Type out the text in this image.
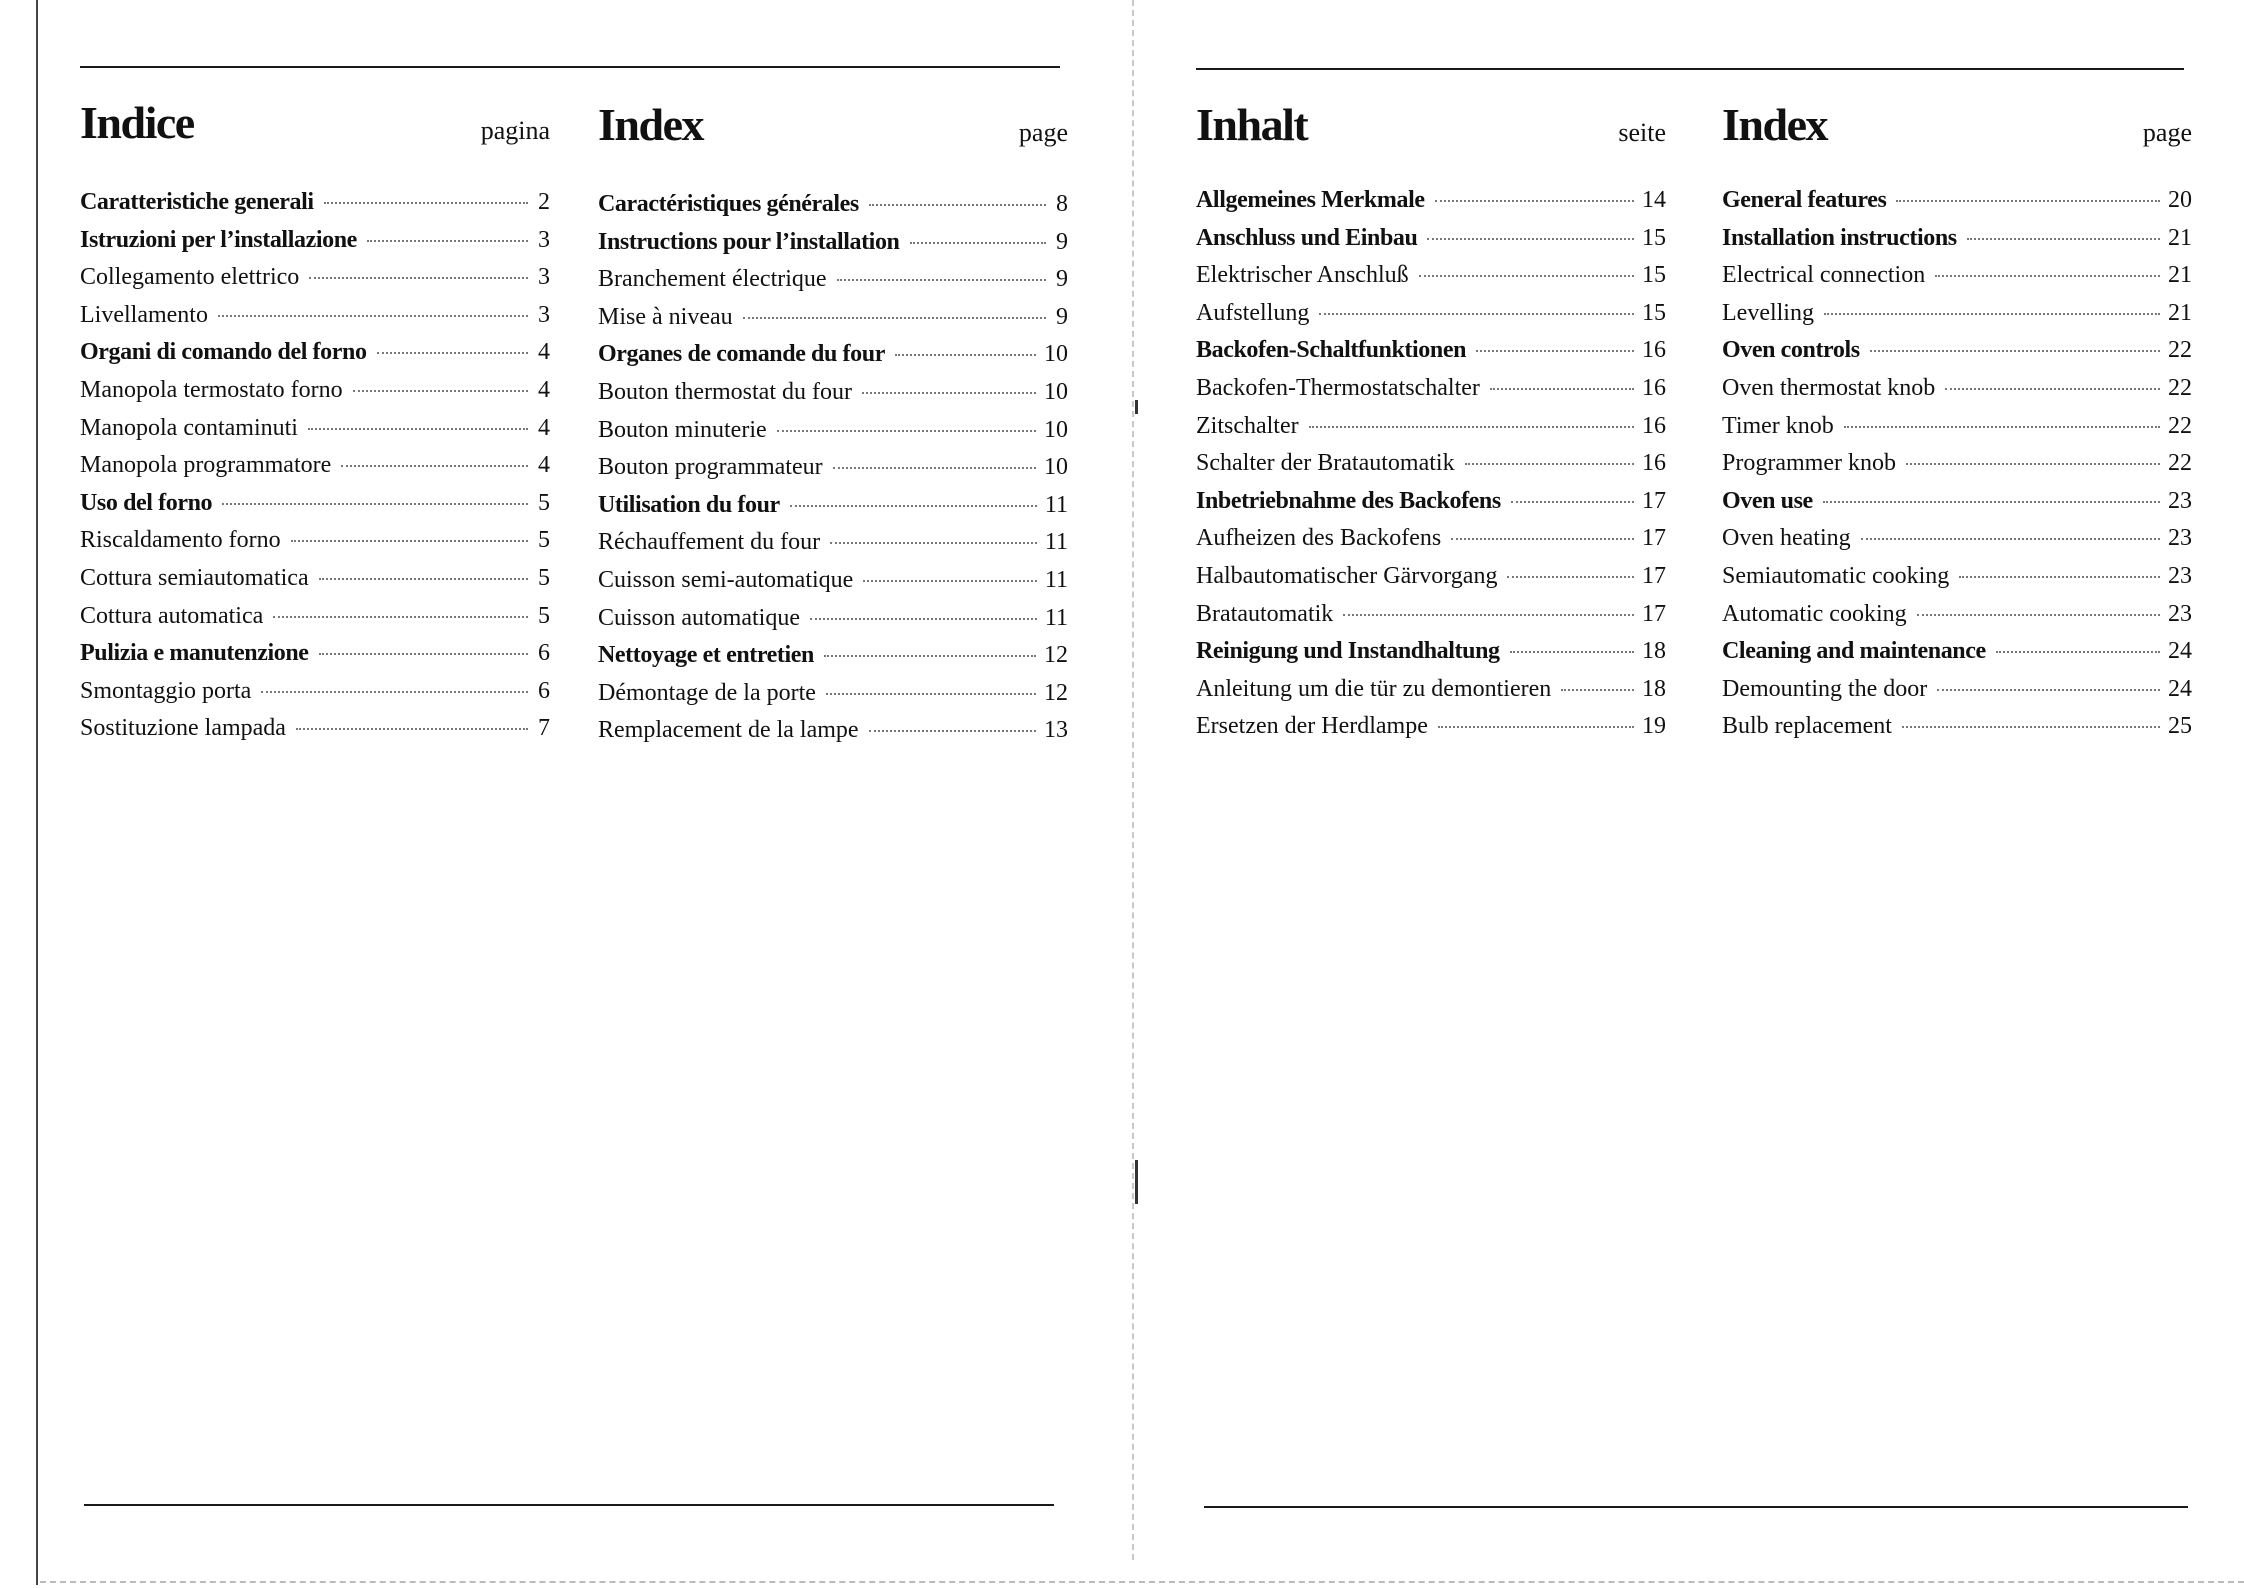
Indice	pagina
Caratteristiche generali	2
Istruzioni per l’installazione	3
Collegamento elettrico	3
Livellamento	3
Organi di comando del forno	4
Manopola termostato forno	4
Manopola contaminuti	4
Manopola programmatore	4
Uso del forno	5
Riscaldamento forno	5
Cottura semiautomatica	5
Cottura automatica	5
Pulizia e manutenzione	6
Smontaggio porta	6
Sostituzione lampada	7
Index	page
Caractéristiques générales	8
Instructions pour l’installation	9
Branchement électrique	9
Mise à niveau	9
Organes de comande du four	10
Bouton thermostat du four	10
Bouton minuterie	10
Bouton programmateur	10
Utilisation du four	11
Réchauffement du four	11
Cuisson semi-automatique	11
Cuisson automatique	11
Nettoyage et entretien	12
Démontage de la porte	12
Remplacement de la lampe	13
Inhalt	seite
Allgemeines Merkmale	14
Anschluss und Einbau	15
Elektrischer Anschluß	15
Aufstellung	15
Backofen-Schaltfunktionen	16
Backofen-Thermostatschalter	16
Zitschalter	16
Schalter der Bratautomatik	16
Inbetriebnahme des Backofens	17
Aufheizen des Backofens	17
Halbautomatischer Gärvorgang	17
Bratautomatik	17
Reinigung und Instandhaltung	18
Anleitung um die tür zu demontieren	18
Ersetzen der Herdlampe	19
Index	page
General features	20
Installation instructions	21
Electrical connection	21
Levelling	21
Oven controls	22
Oven thermostat knob	22
Timer knob	22
Programmer knob	22
Oven use	23
Oven heating	23
Semiautomatic cooking	23
Automatic cooking	23
Cleaning and maintenance	24
Demounting the door	24
Bulb replacement	25
